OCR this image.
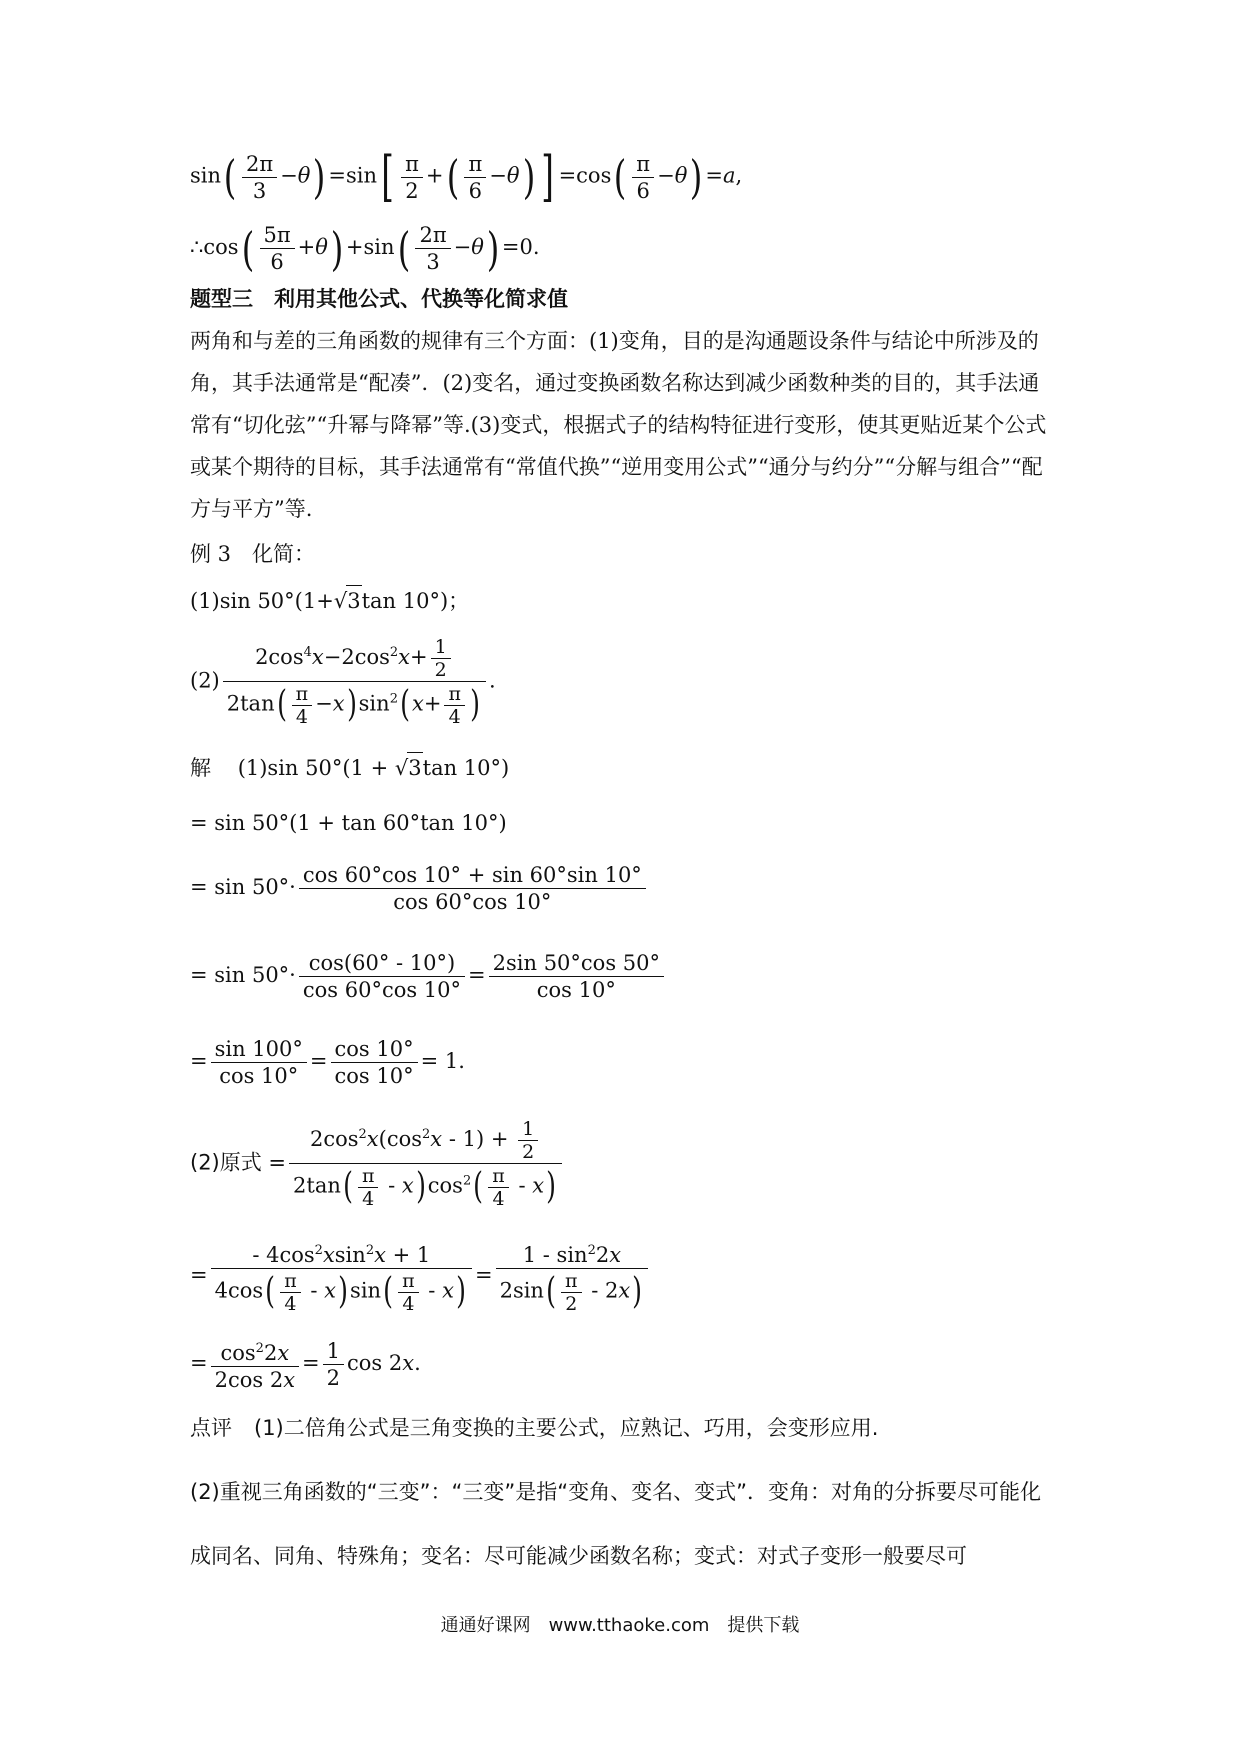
$\sin( \frac{2\pi}{3} -\theta) =\sin[ \frac{\pi}{2}$ +( $\frac{\pi}{6} -\theta$) ] $=\cos( \frac{\pi}{6} -\theta) =a$,
∴cos( $\frac{5\pi}{6} +\theta) +\sin( \frac{2\pi}{3} -\theta) =0$.
题型三　利用其他公式、代换等化简求值
两角和与差的三角函数的规律有三个方面：(1)变角，目的是沟通题设条件与结论中所涉及的角，其手法通常是“配凑”．(2)变名，通过变换函数名称达到减少函数种类的目的，其手法通常有“切化弦”“升幂与降幂”等.(3)变式，根据式子的结构特征进行变形，使其更贴近某个公式或某个期待的目标，其手法通常有“常值代换”“逆用变用公式”“通分与约分”“分解与组合”“配方与平方”等.
例 3　化简：
(1)sin 50°(1+√3tan 10°)；
$(2) \frac{2\cos^4x-2\cos^2x+ \frac{1}{2}}{2\tan( \frac{\pi}{4} -x) \sin^2( x+ \frac{\pi}{4} )}$ .
解 (1)sin 50°(1 + √3tan 10°)
= sin 50°(1 + tan 60°tan 10°)
= $\sin 50^\circ\cdot \frac{\cos 60^\circ\cos 10^\circ + \sin 60^\circ\sin 10^\circ}{\cos 60^\circ\cos 10^\circ}$
= $\sin 50^\circ\cdot \frac{\cos(60^\circ - 10^\circ)}{\cos 60^\circ\cos 10^\circ} = \frac{2\sin 50^\circ\cos 50^\circ}{\cos 10^\circ}$
= $\frac{\sin 100^\circ}{\cos 10^\circ} = \frac{\cos 10^\circ}{\cos 10^\circ} = 1$.
(2)原式 = $\frac{2\cos^2x(\cos^2x - 1) + \frac{1}{2}}{2\tan( \frac{\pi}{4} - x) \cos^2( \frac{\pi}{4} - x)}$
= $\frac{- 4\cos^2xsin^2x + 1}{4\cos( \frac{\pi}{4} - x) \sin( \frac{\pi}{4} - x)} = \frac{1 - \sin^22x}{2\sin( \frac{\pi}{2} - 2x)}$
= $\frac{\cos^22x}{2\cos 2x} = \frac{1}{2}$ cos 2x.
点评 (1)二倍角公式是三角变换的主要公式，应熟记、巧用，会变形应用.
(2)重视三角函数的“三变”：“三变”是指“变角、变名、变式”．变角：对角的分拆要尽可能化成同名、同角、特殊角；变名：尽可能减少函数名称；变式：对式子变形一般要尽可
通通好课网　www.tthaoke.com　提供下载
